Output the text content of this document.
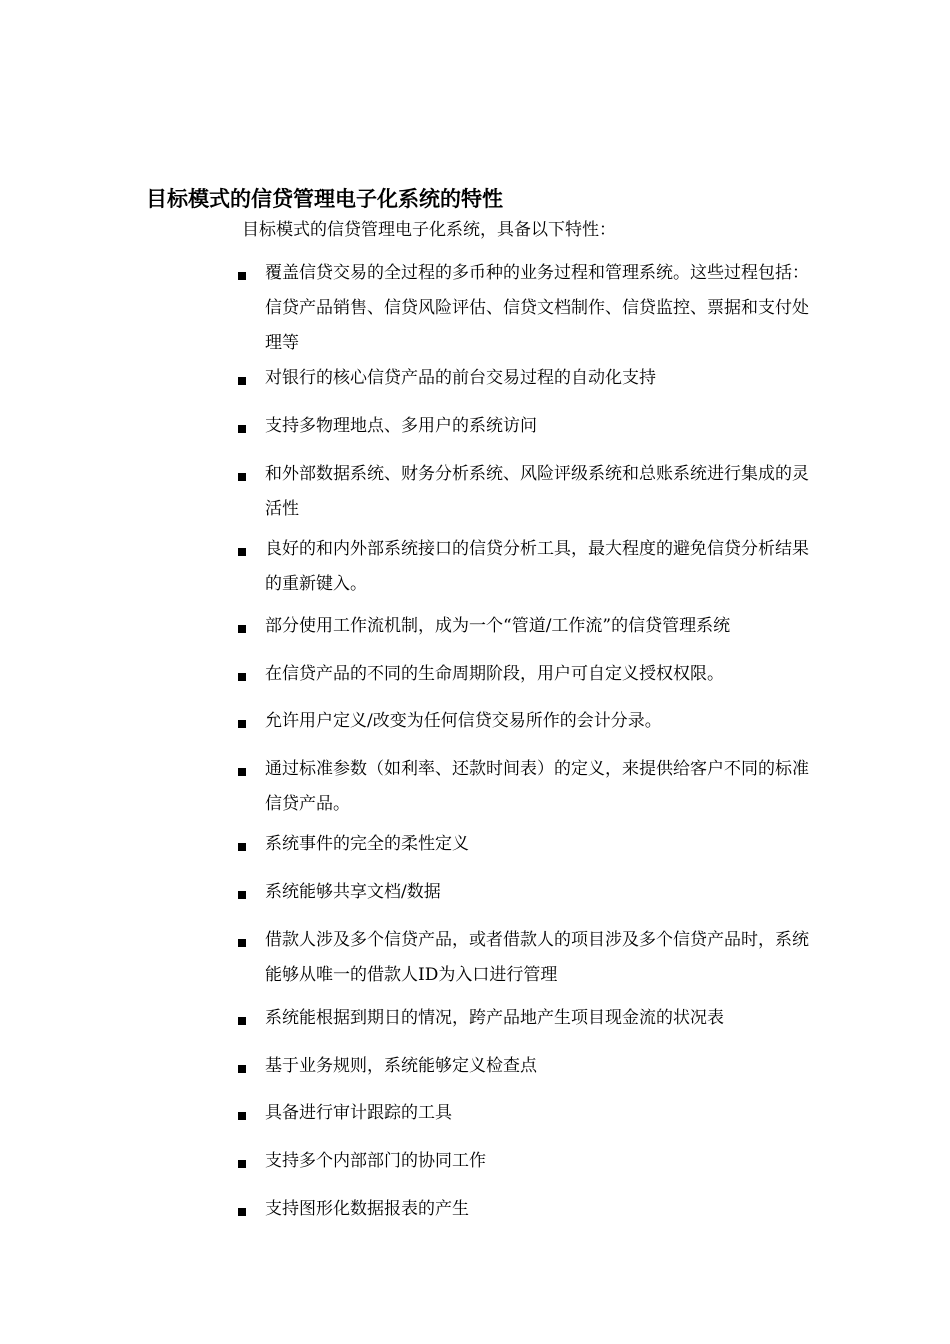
目标模式的信贷管理电子化系统的特性

目标模式的信贷管理电子化系统，具备以下特性：

覆盖信贷交易的全过程的多币种的业务过程和管理系统。这些过程包括：信贷产品销售、信贷风险评估、信贷文档制作、信贷监控、票据和支付处理等
对银行的核心信贷产品的前台交易过程的自动化支持
支持多物理地点、多用户的系统访问
和外部数据系统、财务分析系统、风险评级系统和总账系统进行集成的灵活性
良好的和内外部系统接口的信贷分析工具，最大程度的避免信贷分析结果的重新键入。
部分使用工作流机制，成为一个“管道/工作流”的信贷管理系统
在信贷产品的不同的生命周期阶段，用户可自定义授权权限。
允许用户定义/改变为任何信贷交易所作的会计分录。
通过标准参数（如利率、还款时间表）的定义，来提供给客户不同的标准信贷产品。
系统事件的完全的柔性定义
系统能够共享文档/数据
借款人涉及多个信贷产品，或者借款人的项目涉及多个信贷产品时，系统能够从唯一的借款人ID为入口进行管理
系统能根据到期日的情况，跨产品地产生项目现金流的状况表
基于业务规则，系统能够定义检查点
具备进行审计跟踪的工具
支持多个内部部门的协同工作
支持图形化数据报表的产生
